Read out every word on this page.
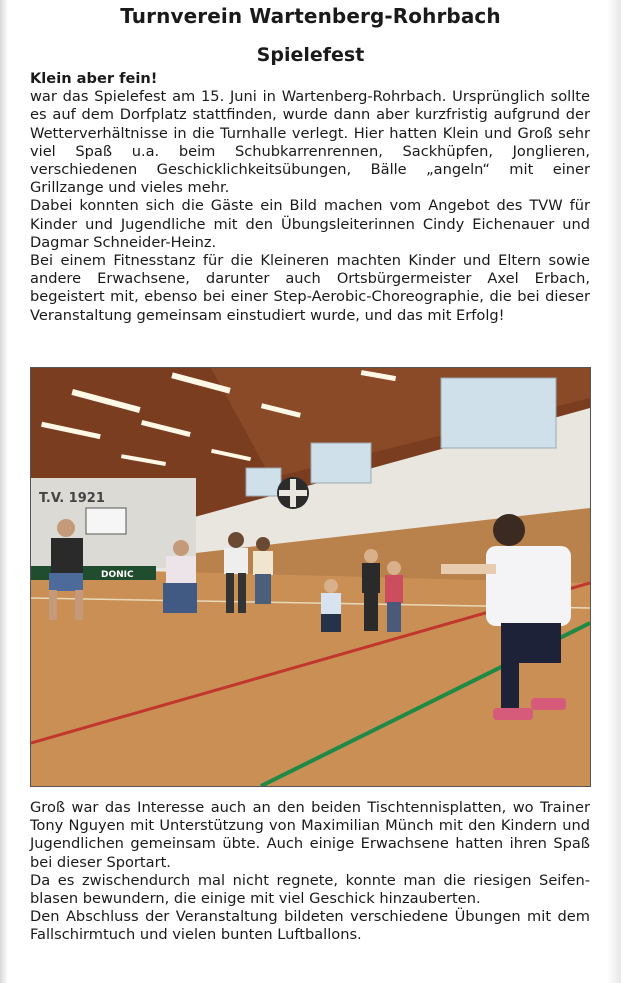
Turnverein Wartenberg-Rohrbach
Spielefest

Klein aber fein!

war das Spielefest am 15. Juni in Wartenberg-Rohrbach. Ursprünglich sollte es auf dem Dorfplatz stattfinden, wurde dann aber kurzfristig aufgrund der Wetterverhältnisse in die Turnhalle verlegt. Hier hatten Klein und Groß sehr viel Spaß u.a. beim Schubkarrenrennen, Sackhüpfen, Jonglieren, verschiedenen Geschicklichkeitsübungen, Bälle „angeln“ mit einer Grillzange und vieles mehr.

Dabei konnten sich die Gäste ein Bild machen vom Angebot des TVW für Kinder und Jugendliche mit den Übungsleiterinnen Cindy Eichenauer und Dagmar Schneider-Heinz.

Bei einem Fitnesstanz für die Kleineren machten Kinder und Eltern sowie andere Erwachsene, darunter auch Ortsbürgermeister Axel Erbach, begeistert mit, ebenso bei einer Step-Aerobic-Choreographie, die bei dieser Veranstaltung gemeinsam einstudiert wurde, und das mit Erfolg!

T.V. 1921
DONIC

Groß war das Interesse auch an den beiden Tischtennisplatten, wo Trainer Tony Nguyen mit Unterstützung von Maximilian Münch mit den Kindern und Jugendlichen gemeinsam übte. Auch einige Erwachsene hatten ihren Spaß bei dieser Sportart.

Da es zwischendurch mal nicht regnete, konnte man die riesigen Seifenblasen bewundern, die einige mit viel Geschick hinzauberten.

Den Abschluss der Veranstaltung bildeten verschiedene Übungen mit dem Fallschirmtuch und vielen bunten Luftballons.
